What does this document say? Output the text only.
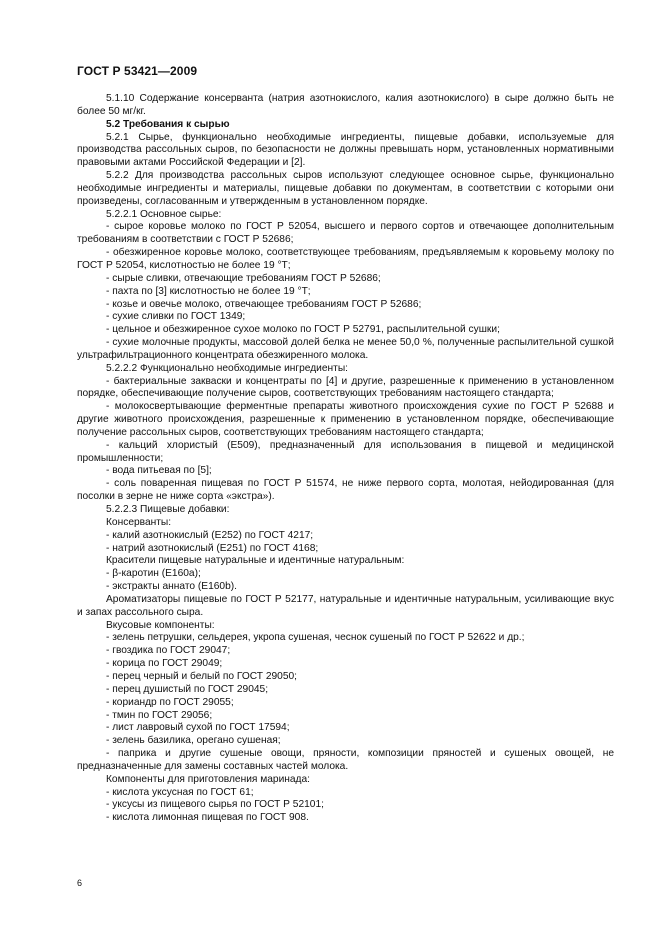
ГОСТ Р 53421—2009

5.1.10 Содержание консерванта (натрия азотнокислого, калия азотнокислого) в сыре должно быть не более 50 мг/кг.

5.2 Требования к сырью

5.2.1 Сырье, функционально необходимые ингредиенты, пищевые добавки, используемые для производства рассольных сыров, по безопасности не должны превышать норм, установленных нормативными правовыми актами Российской Федерации и [2].

5.2.2 Для производства рассольных сыров используют следующее основное сырье, функционально необходимые ингредиенты и материалы, пищевые добавки по документам, в соответствии с которыми они произведены, согласованным и утвержденным в установленном порядке.

5.2.2.1 Основное сырье:

- сырое коровье молоко по ГОСТ Р 52054, высшего и первого сортов и отвечающее дополнительным требованиям в соответствии с ГОСТ Р 52686;

- обезжиренное коровье молоко, соответствующее требованиям, предъявляемым к коровьему молоку по ГОСТ Р 52054, кислотностью не более 19 °Т;

- сырые сливки, отвечающие требованиям ГОСТ Р 52686;

- пахта по [3] кислотностью не более 19 °Т;

- козье и овечье молоко, отвечающее требованиям ГОСТ Р 52686;

- сухие сливки по ГОСТ 1349;

- цельное и обезжиренное сухое молоко по ГОСТ Р 52791, распылительной сушки;

- сухие молочные продукты, массовой долей белка не менее 50,0 %, полученные распылительной сушкой ультрафильтрационного концентрата обезжиренного молока.

5.2.2.2 Функционально необходимые ингредиенты:

- бактериальные закваски и концентраты по [4] и другие, разрешенные к применению в установленном порядке, обеспечивающие получение сыров, соответствующих требованиям настоящего стандарта;

- молокосвертывающие ферментные препараты животного происхождения сухие по ГОСТ Р 52688 и другие животного происхождения, разрешенные к применению в установленном порядке, обеспечивающие получение рассольных сыров, соответствующих требованиям настоящего стандарта;

- кальций хлористый (Е509), предназначенный для использования в пищевой и медицинской промышленности;

- вода питьевая по [5];

- соль поваренная пищевая по ГОСТ Р 51574, не ниже первого сорта, молотая, нейодированная (для посолки в зерне не ниже сорта «экстра»).

5.2.2.3 Пищевые добавки:

Консерванты:

- калий азотнокислый (Е252) по ГОСТ 4217;

- натрий азотнокислый (Е251) по ГОСТ 4168;

Красители пищевые натуральные и идентичные натуральным:

- β-каротин (Е160а);

- экстракты аннато (Е160b).

Ароматизаторы пищевые по ГОСТ Р 52177, натуральные и идентичные натуральным, усиливающие вкус и запах рассольного сыра.

Вкусовые компоненты:

- зелень петрушки, сельдерея, укропа сушеная, чеснок сушеный по ГОСТ Р 52622 и др.;

- гвоздика по ГОСТ 29047;

- корица по ГОСТ 29049;

- перец черный и белый по ГОСТ 29050;

- перец душистый по ГОСТ 29045;

- кориандр по ГОСТ 29055;

- тмин по ГОСТ 29056;

- лист лавровый сухой по ГОСТ 17594;

- зелень базилика, орегано сушеная;

- паприка и другие сушеные овощи, пряности, композиции пряностей и сушеных овощей, не предназначенные для замены составных частей молока.

Компоненты для приготовления маринада:

- кислота уксусная по ГОСТ 61;

- уксусы из пищевого сырья по ГОСТ Р 52101;

- кислота лимонная пищевая по ГОСТ 908.

6
